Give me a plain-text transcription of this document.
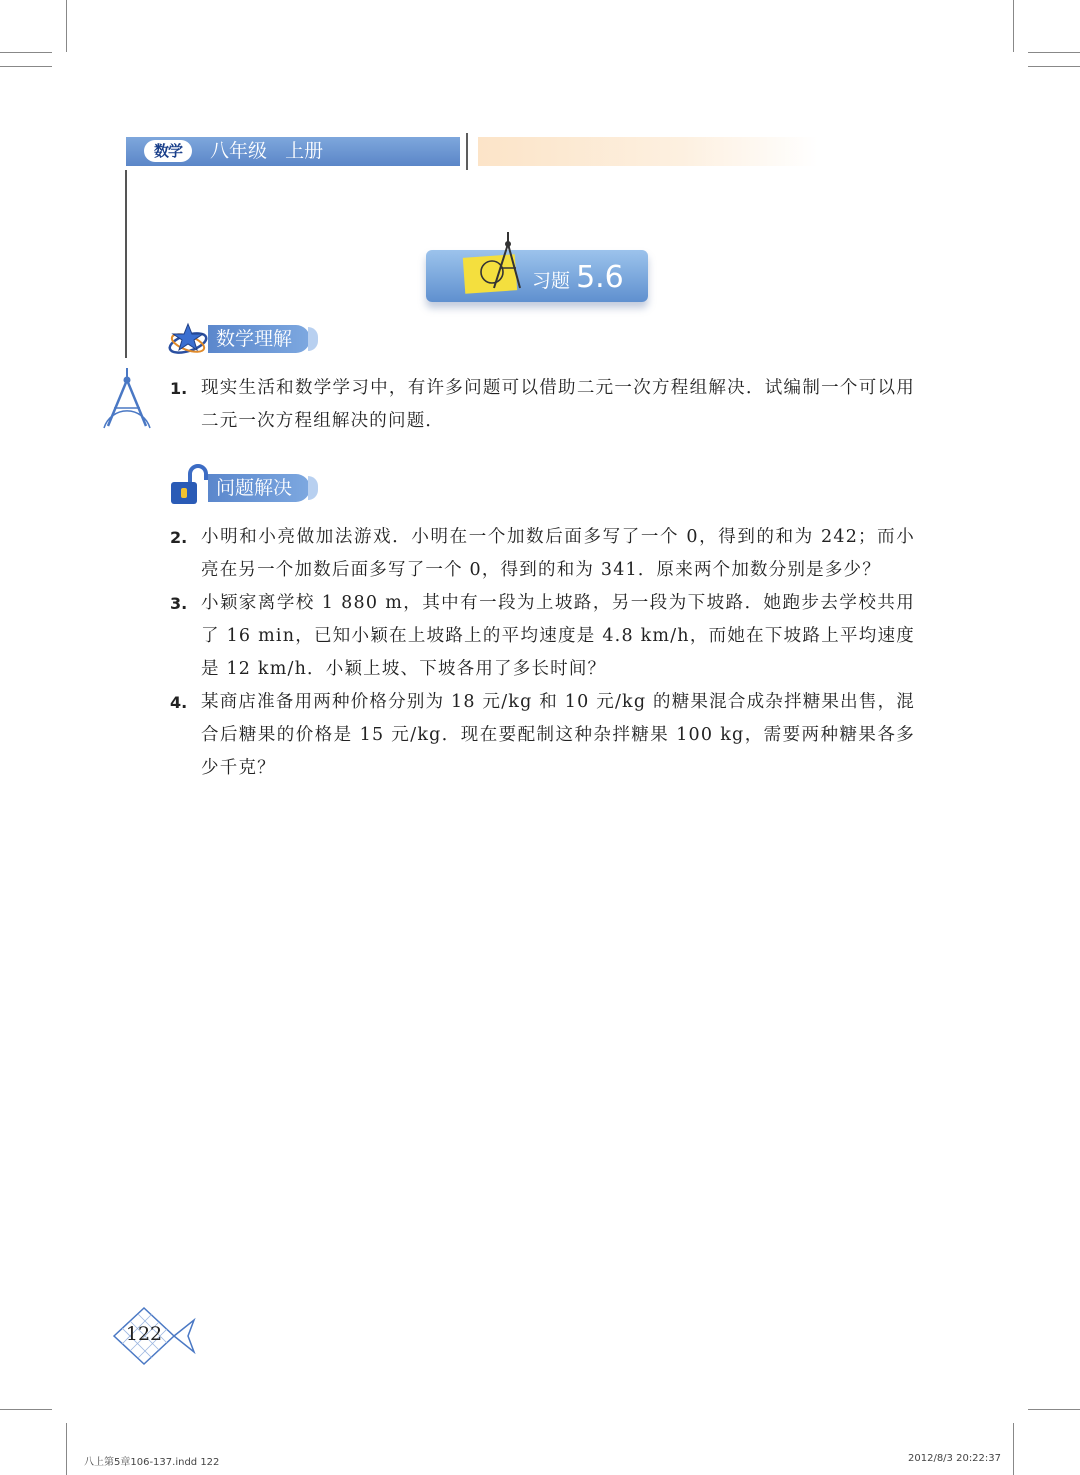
数学	八年级   上册
习题 5.6
数学理解
1. 现实生活和数学学习中，有许多问题可以借助二元一次方程组解决．试编制一个可以用二元一次方程组解决的问题．
问题解决
2. 小明和小亮做加法游戏．小明在一个加数后面多写了一个 0，得到的和为 242；而小亮在另一个加数后面多写了一个 0，得到的和为 341．原来两个加数分别是多少？
3. 小颖家离学校 1 880 m，其中有一段为上坡路，另一段为下坡路．她跑步去学校共用了 16 min，已知小颖在上坡路上的平均速度是 4.8 km/h，而她在下坡路上平均速度是 12 km/h．小颖上坡、下坡各用了多长时间？
4. 某商店准备用两种价格分别为 18 元/kg 和 10 元/kg 的糖果混合成杂拌糖果出售，混合后糖果的价格是 15 元/kg．现在要配制这种杂拌糖果 100 kg，需要两种糖果各多少千克？
122
八上第5章106-137.indd 122	2012/8/3 20:22:37
